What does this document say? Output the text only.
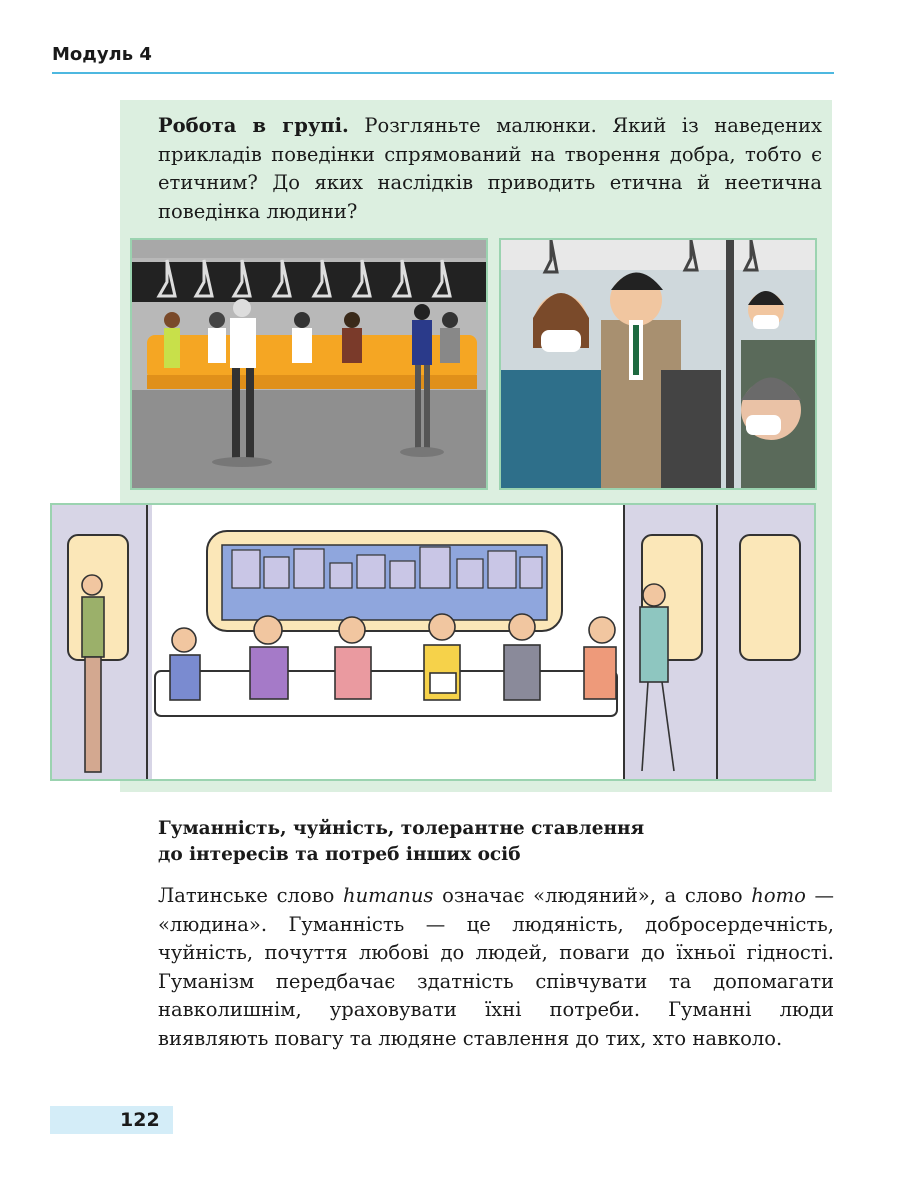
Модуль 4
Робота в групі. Розгляньте малюнки. Який із наведених прикладів поведінки спрямований на творення добра, тобто є етичним? До яких наслідків приводить етична й неетична поведінка людини?
Гуманність, чуйність, толерантне ставлення
до інтересів та потреб інших осіб
Латинське слово humanus означає «людяний», а слово homo — «людина». Гуманність — це людяність, добросердечність, чуйність, почуття любові до людей, поваги до їхньої гідності. Гуманізм передбачає здатність співчувати та допомагати навколишнім, ураховувати їхні потреби. Гуманні люди виявляють повагу та людяне ставлення до тих, хто навколо.
122
